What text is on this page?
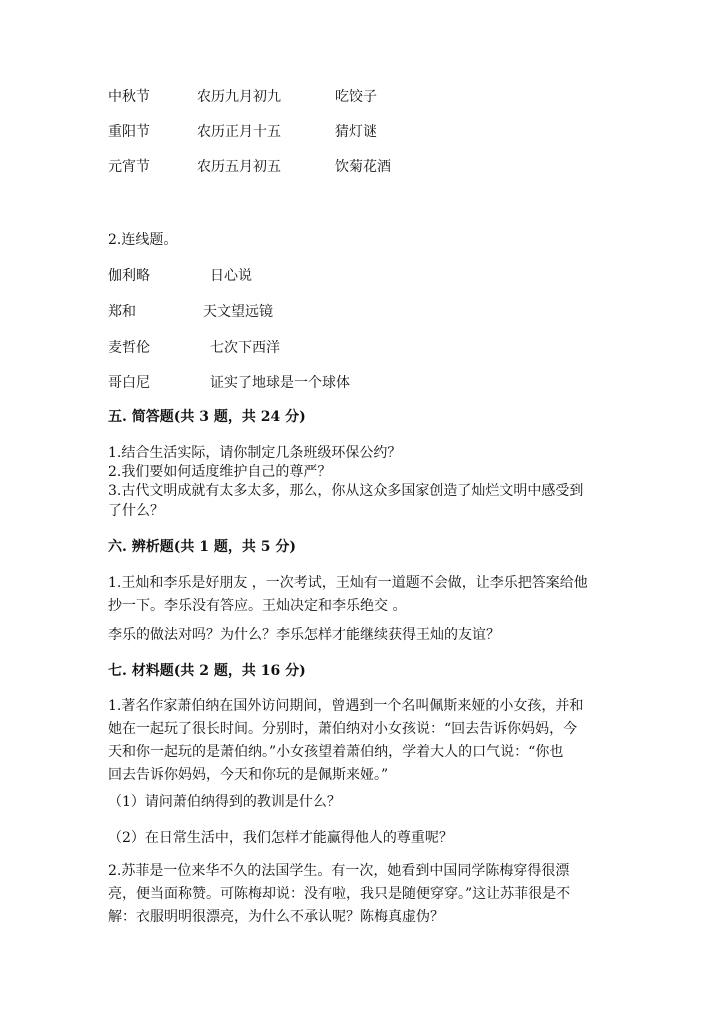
中秋节	农历九月初九	吃饺子
重阳节	农历正月十五	猜灯谜
元宵节	农历五月初五	饮菊花酒
2.连线题。
伽利略	日心说
郑和	天文望远镜
麦哲伦	七次下西洋
哥白尼	证实了地球是一个球体
五. 简答题(共 3 题，共 24 分)
1.结合生活实际，请你制定几条班级环保公约？
2.我们要如何适度维护自己的尊严？
3.古代文明成就有太多太多，那么，你从这众多国家创造了灿烂文明中感受到
了什么？
六. 辨析题(共 1 题，共 5 分)
1.王灿和李乐是好朋友 ，一次考试，王灿有一道题不会做，让李乐把答案给他
抄一下。李乐没有答应。王灿决定和李乐绝交 。
李乐的做法对吗？为什么？李乐怎样才能继续获得王灿的友谊？
七. 材料题(共 2 题，共 16 分)
1.著名作家萧伯纳在国外访问期间，曾遇到一个名叫佩斯来娅的小女孩，并和
她在一起玩了很长时间。分别时，萧伯纳对小女孩说：“回去告诉你妈妈，今
天和你一起玩的是萧伯纳。”小女孩望着萧伯纳，学着大人的口气说：“你也
回去告诉你妈妈，今天和你玩的是佩斯来娅。”
（1）请问萧伯纳得到的教训是什么？
（2）在日常生活中，我们怎样才能赢得他人的尊重呢？
2.苏菲是一位来华不久的法国学生。有一次，她看到中国同学陈梅穿得很漂
亮，便当面称赞。可陈梅却说：没有啦，我只是随便穿穿。”这让苏菲很是不
解：衣服明明很漂亮，为什么不承认呢？陈梅真虚伪？
